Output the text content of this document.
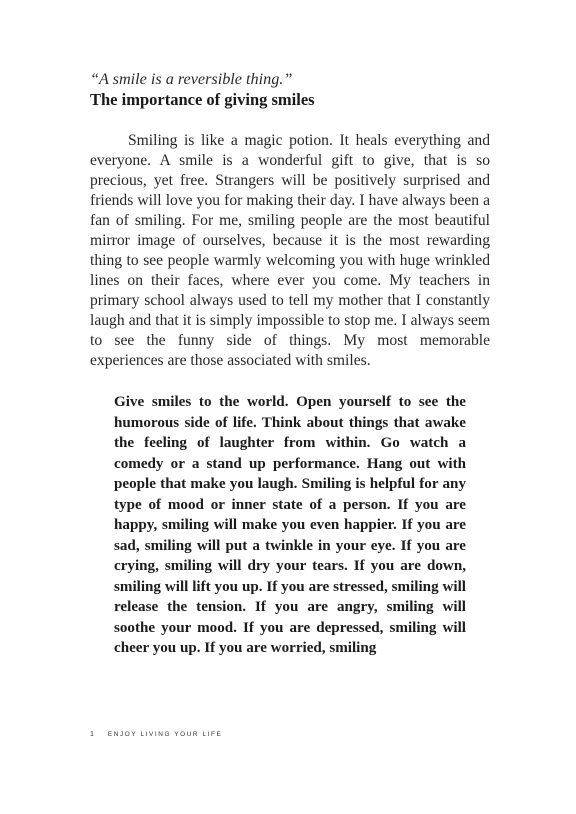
“A smile is a reversible thing.”

The importance of giving smiles

Smiling is like a magic potion. It heals everything and everyone. A smile is a wonderful gift to give, that is so precious, yet free. Strangers will be positively surprised and friends will love you for making their day. I have always been a fan of smiling. For me, smiling people are the most beautiful mirror image of ourselves, because it is the most rewarding thing to see people warmly welcoming you with huge wrinkled lines on their faces, where ever you come. My teachers in primary school always used to tell my mother that I constantly laugh and that it is simply impossible to stop me. I always seem to see the funny side of things. My most memorable experiences are those associated with smiles.

Give smiles to the world. Open yourself to see the humorous side of life. Think about things that awake the feeling of laughter from within. Go watch a comedy or a stand up performance. Hang out with people that make you laugh. Smiling is helpful for any type of mood or inner state of a person. If you are happy, smiling will make you even happier. If you are sad, smiling will put a twinkle in your eye. If you are crying, smiling will dry your tears. If you are down, smiling will lift you up. If you are stressed, smiling will release the tension. If you are angry, smiling will soothe your mood. If you are depressed, smiling will cheer you up. If you are worried, smiling

1 ENJOY LIVING YOUR LIFE
